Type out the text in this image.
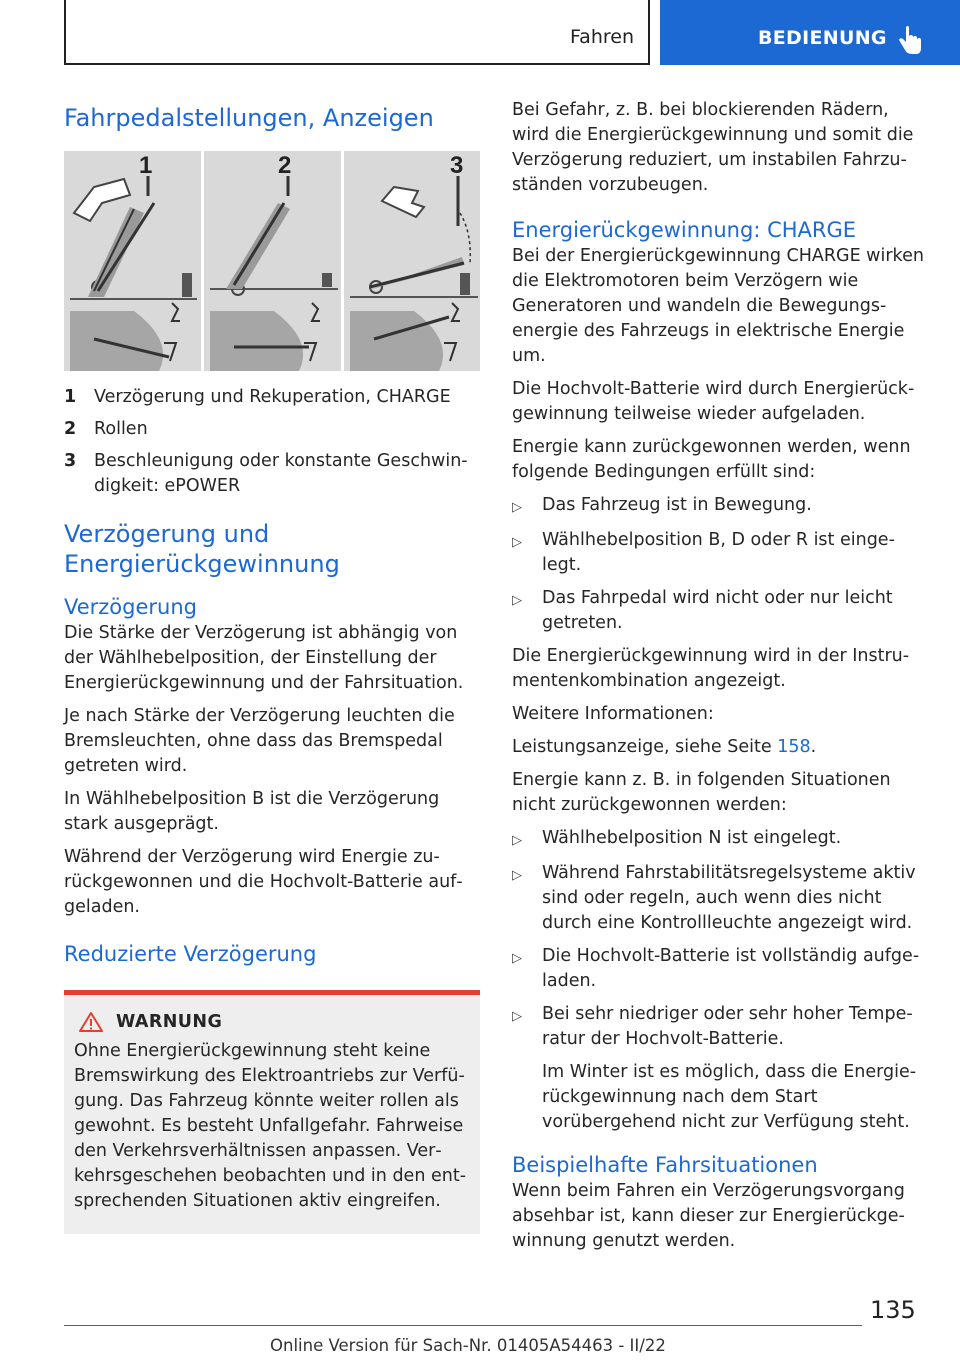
Fahren	BEDIENUNG
Fahrpedalstellungen, Anzeigen
1	2	3
1	Verzögerung und Rekuperation, CHARGE
2	Rollen
3	Beschleunigung oder konstante Geschwindigkeit: ePOWER
Verzögerung und Energierückgewinnung
Verzögerung

Die Stärke der Verzögerung ist abhängig von der Wählhebelposition, der Einstellung der Energierückgewinnung und der Fahrsituation.

Je nach Stärke der Verzögerung leuchten die Bremsleuchten, ohne dass das Bremspedal getreten wird.

In Wählhebelposition B ist die Verzögerung stark ausgeprägt.

Während der Verzögerung wird Energie zurückgewonnen und die Hochvolt-Batterie aufgeladen.

Reduzierte Verzögerung
WARNUNG

Ohne Energierückgewinnung steht keine Bremswirkung des Elektroantriebs zur Verfügung. Das Fahrzeug könnte weiter rollen als gewohnt. Es besteht Unfallgefahr. Fahrweise den Verkehrsverhältnissen anpassen. Verkehrsgeschehen beobachten und in den entsprechenden Situationen aktiv eingreifen.

Bei Gefahr, z. B. bei blockierenden Rädern, wird die Energierückgewinnung und somit die Verzögerung reduziert, um instabilen Fahrzuständen vorzubeugen.

Energierückgewinnung: CHARGE

Bei der Energierückgewinnung CHARGE wirken die Elektromotoren beim Verzögern wie Generatoren und wandeln die Bewegungsenergie des Fahrzeugs in elektrische Energie um.

Die Hochvolt-Batterie wird durch Energierückgewinnung teilweise wieder aufgeladen.

Energie kann zurückgewonnen werden, wenn folgende Bedingungen erfüllt sind:

▷	Das Fahrzeug ist in Bewegung.
▷	Wählhebelposition B, D oder R ist eingelegt.
▷	Das Fahrpedal wird nicht oder nur leicht getreten.

Die Energierückgewinnung wird in der Instrumentenkombination angezeigt.

Weitere Informationen:

Leistungsanzeige, siehe Seite 158.

Energie kann z. B. in folgenden Situationen nicht zurückgewonnen werden:

▷	Wählhebelposition N ist eingelegt.
▷	Während Fahrstabilitätsregelsysteme aktiv sind oder regeln, auch wenn dies nicht durch eine Kontrollleuchte angezeigt wird.
▷	Die Hochvolt-Batterie ist vollständig aufgeladen.
▷	Bei sehr niedriger oder sehr hoher Temperatur der Hochvolt-Batterie.
Im Winter ist es möglich, dass die Energierückgewinnung nach dem Start vorübergehend nicht zur Verfügung steht.
Beispielhafte Fahrsituationen

Wenn beim Fahren ein Verzögerungsvorgang absehbar ist, kann dieser zur Energierückgewinnung genutzt werden.

135
Online Version für Sach-Nr. 01405A54463 - II/22
